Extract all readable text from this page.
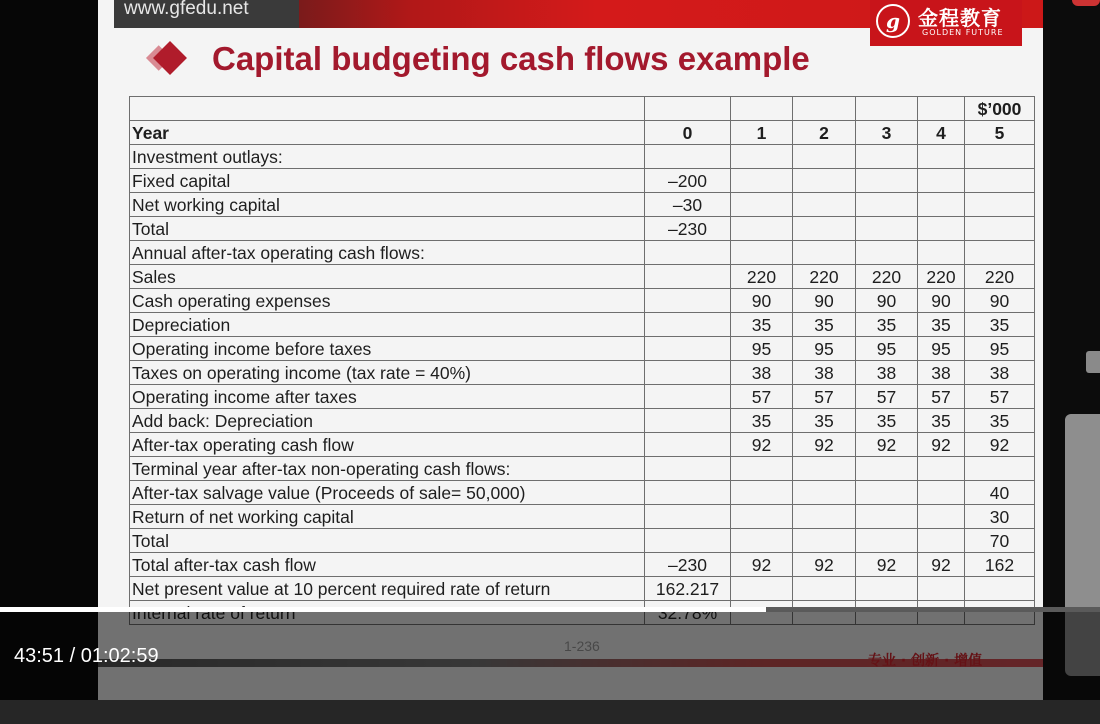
www.gfedu.net
g 金程教育
GOLDEN FUTURE
Capital budgeting cash flows example
						$’000
Year	0	1	2	3	4	5
Investment outlays:						
Fixed capital	–200					
Net working capital	–30					
Total	–230					
Annual after-tax operating cash flows:						
Sales		220	220	220	220	220
Cash operating expenses		90	90	90	90	90
Depreciation		35	35	35	35	35
Operating income before taxes		95	95	95	95	95
Taxes on operating income (tax rate = 40%)		38	38	38	38	38
Operating income after taxes		57	57	57	57	57
Add back: Depreciation		35	35	35	35	35
After-tax operating cash flow		92	92	92	92	92
Terminal year after-tax non-operating cash flows:						
After-tax salvage value (Proceeds of sale= 50,000)						40
Return of net working capital						30
Total						70
Total after-tax cash flow	–230	92	92	92	92	162
Net present value at 10 percent required rate of return	162.217					

43:51 / 01:02:59
